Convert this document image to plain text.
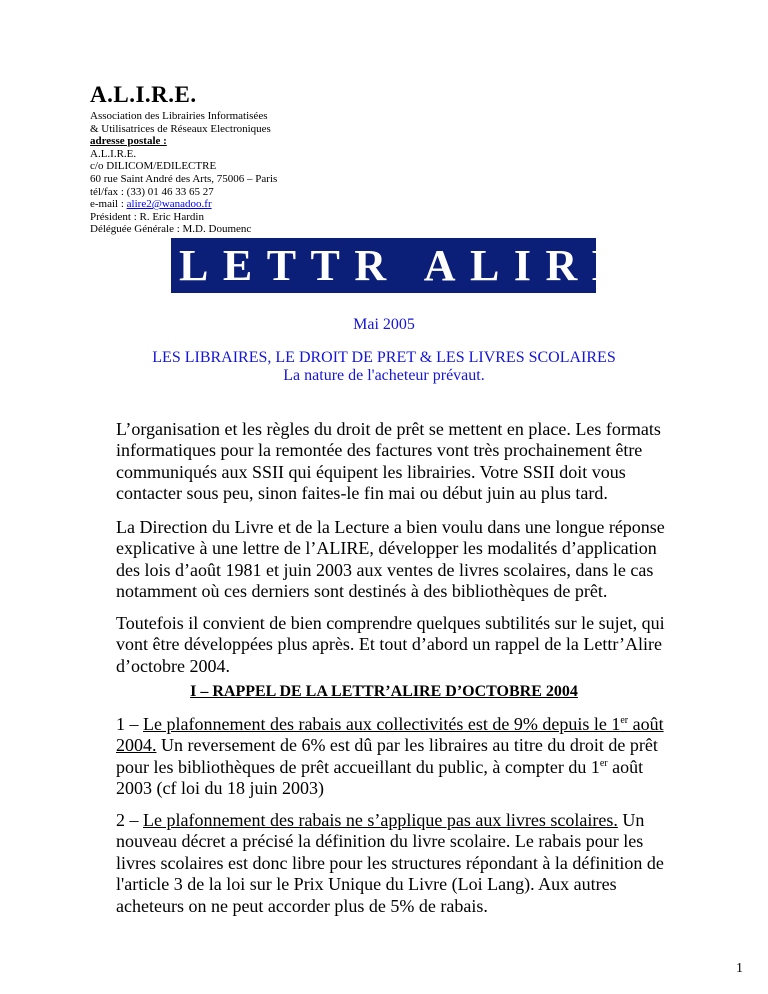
A.L.I.R.E.
Association des Librairies Informatisées
& Utilisatrices de Réseaux Electroniques
adresse postale :
A.L.I.R.E.
c/o DILICOM/EDILECTRE
60 rue Saint André des Arts, 75006 – Paris
tél/fax : (33) 01 46 33 65 27
e-mail : alire2@wanadoo.fr
Président : R. Eric Hardin
Déléguée Générale : M.D. Doumenc
LETTR ALIRE
Mai 2005
LES LIBRAIRES, LE DROIT DE PRET & LES LIVRES SCOLAIRES
La nature de l'acheteur prévaut.

L’organisation et les règles du droit de prêt se mettent en place. Les formats informatiques pour la remontée des factures vont très prochainement être communiqués aux SSII qui équipent les librairies. Votre SSII doit vous contacter sous peu, sinon faites-le fin mai ou début juin au plus tard.

La Direction du Livre et de la Lecture a bien voulu dans une longue réponse explicative à une lettre de l’ALIRE, développer les modalités d’application des lois d’août 1981 et juin 2003 aux ventes de livres scolaires, dans le cas notamment où ces derniers sont destinés à des bibliothèques de prêt.

Toutefois il convient de bien comprendre quelques subtilités sur le sujet, qui vont être développées plus après. Et tout d’abord un rappel de la Lettr’Alire d’octobre 2004.

I – RAPPEL DE LA LETTR’ALIRE D’OCTOBRE 2004

1 – Le plafonnement des rabais aux collectivités est de 9% depuis le 1er août 2004. Un reversement de 6% est dû par les libraires au titre du droit de prêt pour les bibliothèques de prêt accueillant du public, à compter du 1er août 2003 (cf loi du 18 juin 2003)

2 – Le plafonnement des rabais ne s’applique pas aux livres scolaires. Un nouveau décret a précisé la définition du livre scolaire. Le rabais pour les livres scolaires est donc libre pour les structures répondant à la définition de l'article 3 de la loi sur le Prix Unique du Livre (Loi Lang). Aux autres acheteurs on ne peut accorder plus de 5% de rabais.

1
